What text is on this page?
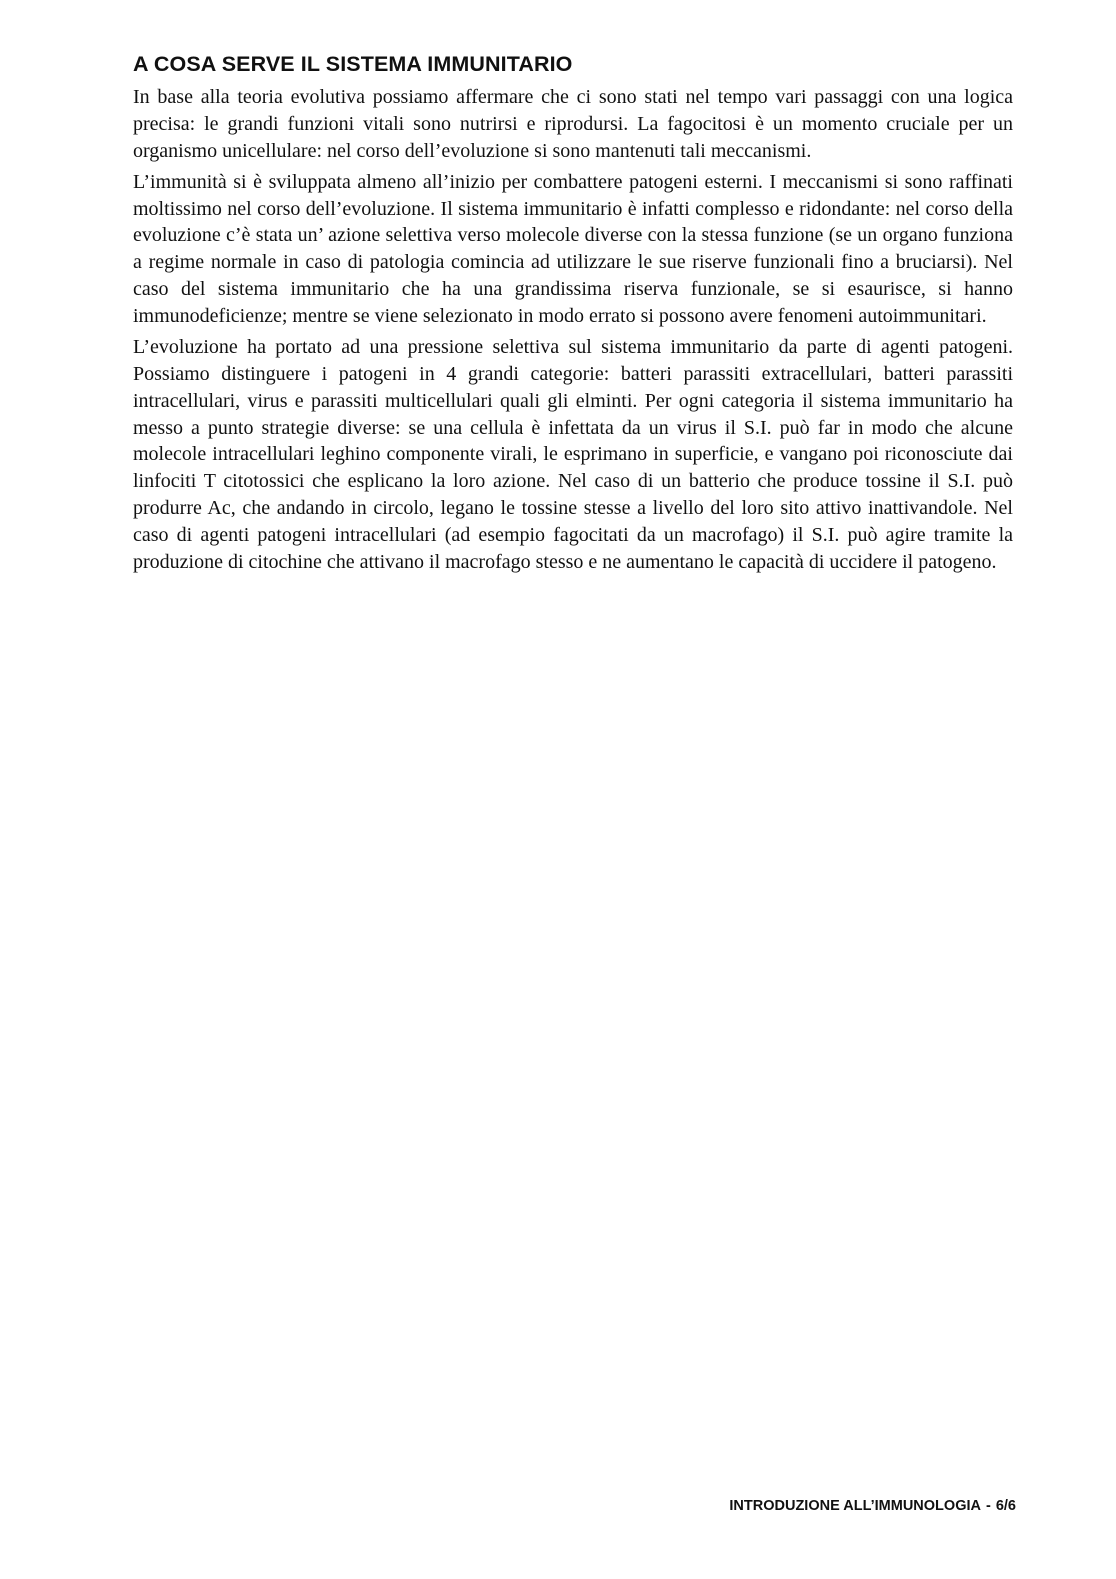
A COSA SERVE IL SISTEMA IMMUNITARIO

In base alla teoria evolutiva possiamo affermare che ci sono stati nel tempo vari passaggi con una logica precisa: le grandi funzioni vitali sono nutrirsi e riprodursi. La fagocitosi è un momento cruciale per un organismo unicellulare: nel corso dell’evoluzione si sono mantenuti tali meccanismi.

L’immunità si è sviluppata almeno all’inizio per combattere patogeni esterni. I meccanismi si sono raffinati moltissimo nel corso dell’evoluzione. Il sistema immunitario è infatti complesso e ridondante: nel corso della evoluzione c’è stata un’ azione selettiva verso molecole diverse con la stessa funzione (se un organo funziona a regime normale in caso di patologia comincia ad utilizzare le sue riserve funzionali fino a bruciarsi). Nel caso del sistema immunitario che ha una grandissima riserva funzionale, se si esaurisce, si hanno immunodeficienze; mentre se viene selezionato in modo errato si possono avere fenomeni autoimmunitari.

L’evoluzione ha portato ad una pressione selettiva sul sistema immunitario da parte di agenti patogeni. Possiamo distinguere i patogeni in 4 grandi categorie: batteri parassiti extracellulari, batteri parassiti intracellulari, virus e parassiti multicellulari quali gli elminti. Per ogni categoria il sistema immunitario ha messo a punto strategie diverse: se una cellula è infettata da un virus il S.I. può far in modo che alcune molecole intracellulari leghino componente virali, le esprimano in superficie, e vangano poi riconosciute dai linfociti T citotossici che esplicano la loro azione. Nel caso di un batterio che produce tossine il S.I. può produrre Ac, che andando in circolo, legano le tossine stesse a livello del loro sito attivo inattivandole. Nel caso di agenti patogeni intracellulari (ad esempio fagocitati da un macrofago) il S.I. può agire tramite la produzione di citochine che attivano il macrofago stesso e ne aumentano le capacità di uccidere il patogeno.

INTRODUZIONE ALL’IMMUNOLOGIA - 6/6
